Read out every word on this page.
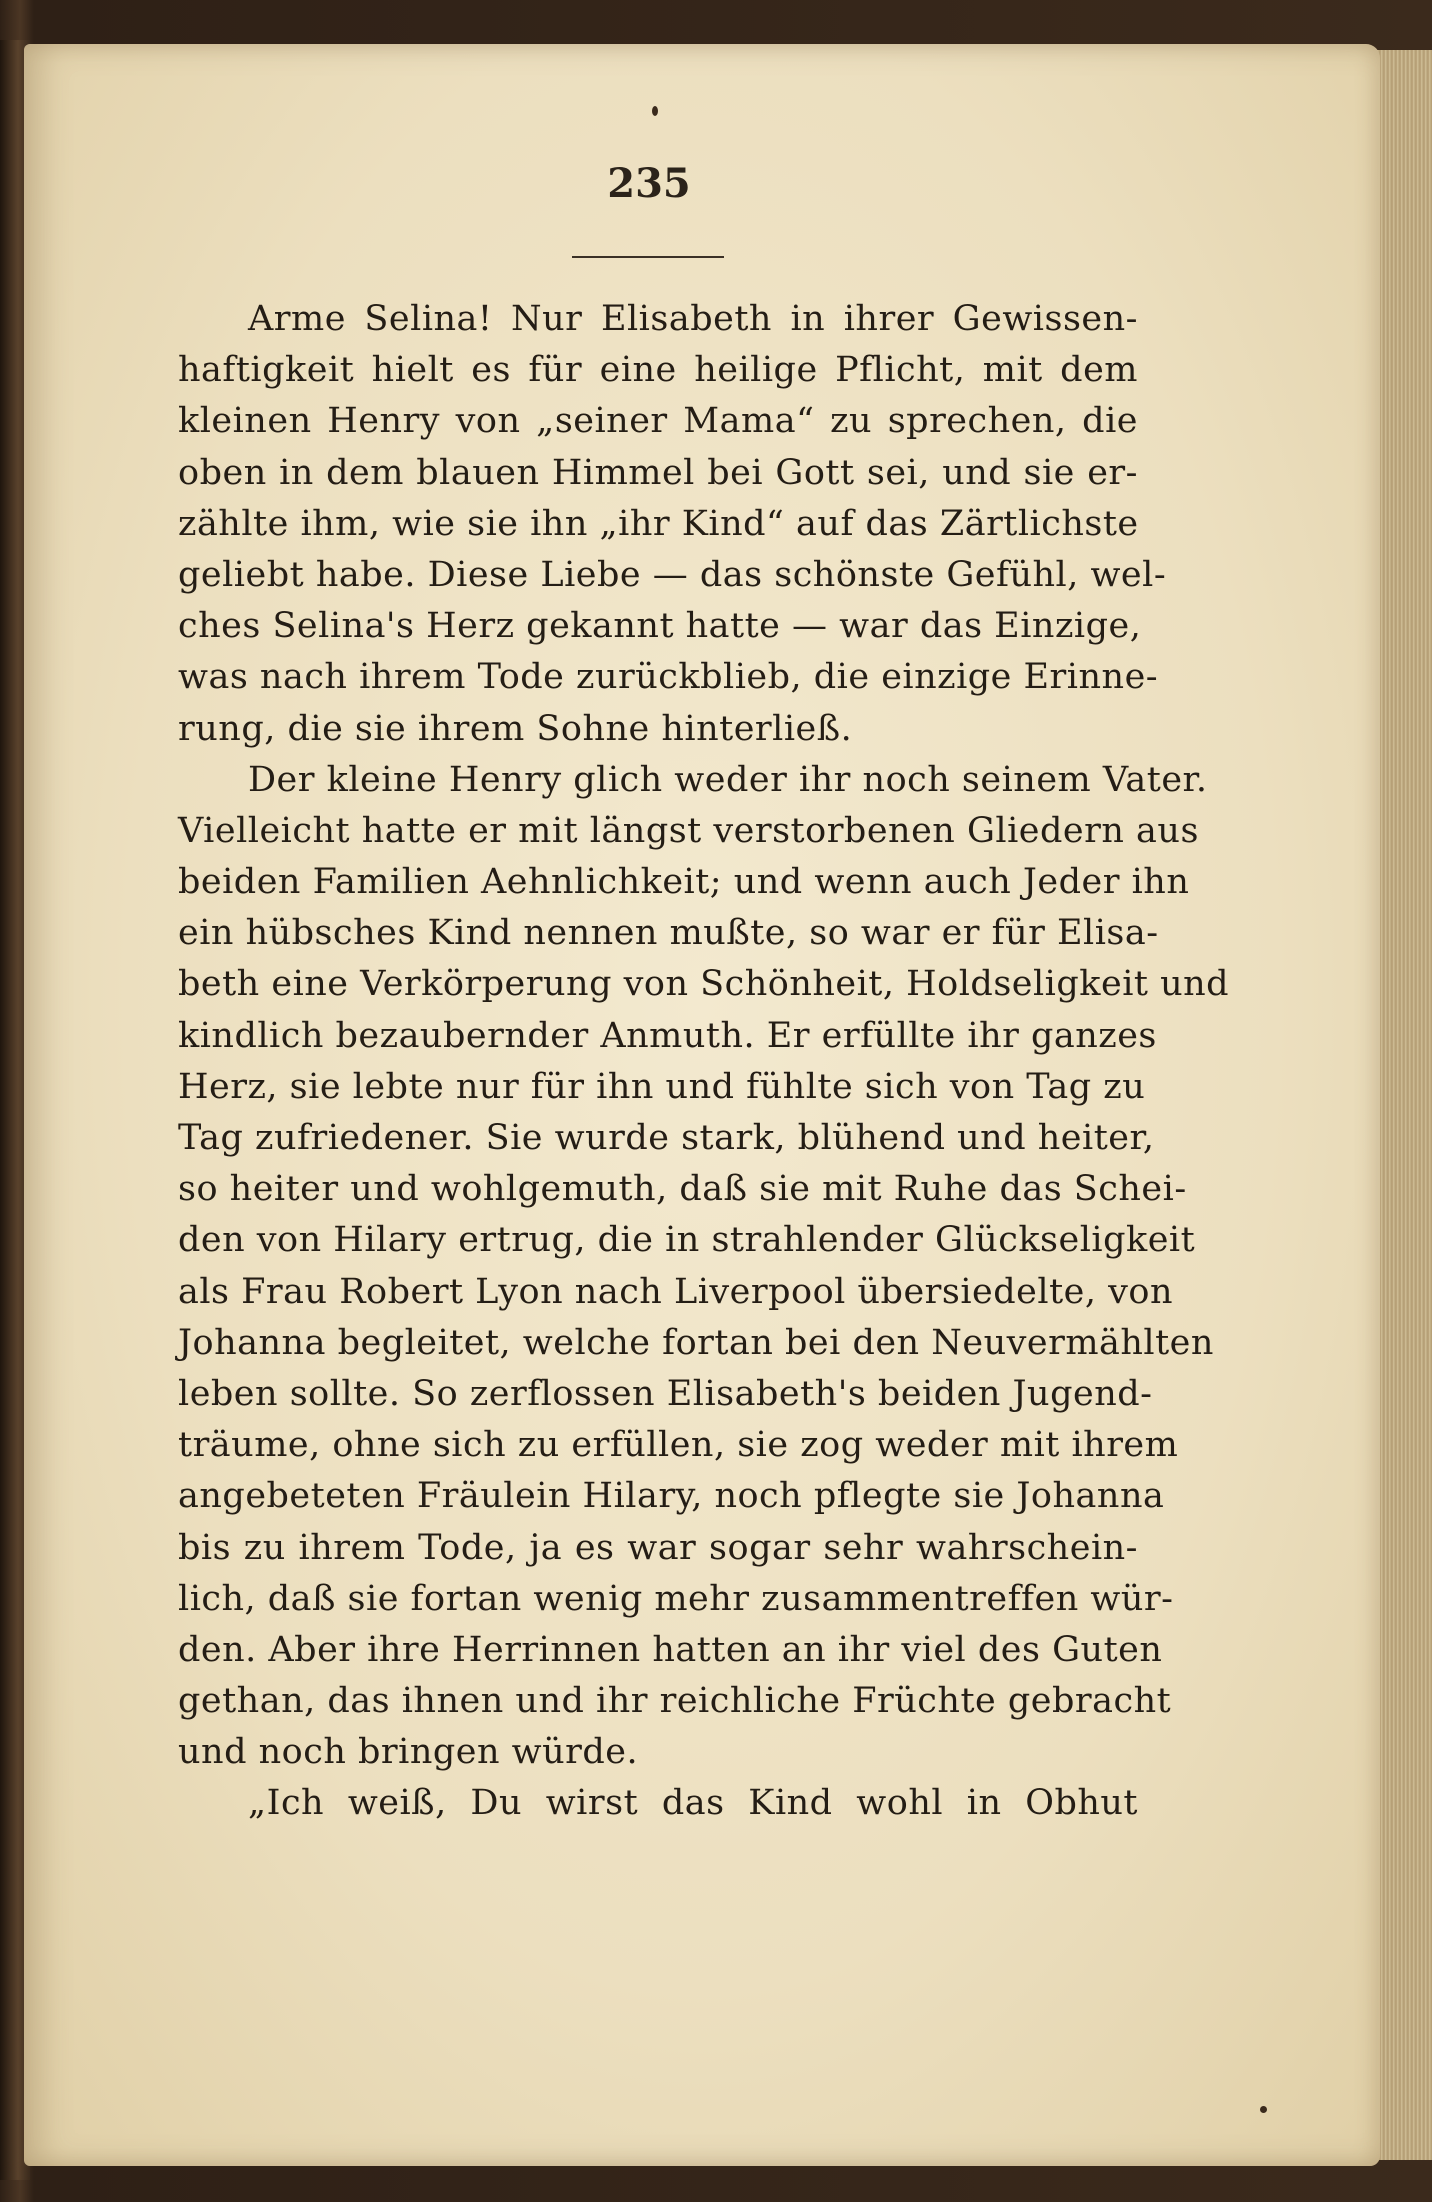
235
Arme Selina! Nur Elisabeth in ihrer Gewissen-
haftigkeit hielt es für eine heilige Pflicht, mit dem
kleinen Henry von „seiner Mama“ zu sprechen, die
oben in dem blauen Himmel bei Gott sei, und sie er-
zählte ihm, wie sie ihn „ihr Kind“ auf das Zärtlichste
geliebt habe. Diese Liebe — das schönste Gefühl, wel-
ches Selina's Herz gekannt hatte — war das Einzige,
was nach ihrem Tode zurückblieb, die einzige Erinne-
rung, die sie ihrem Sohne hinterließ.
Der kleine Henry glich weder ihr noch seinem Vater.
Vielleicht hatte er mit längst verstorbenen Gliedern aus
beiden Familien Aehnlichkeit; und wenn auch Jeder ihn
ein hübsches Kind nennen mußte, so war er für Elisa-
beth eine Verkörperung von Schönheit, Holdseligkeit und
kindlich bezaubernder Anmuth. Er erfüllte ihr ganzes
Herz, sie lebte nur für ihn und fühlte sich von Tag zu
Tag zufriedener. Sie wurde stark, blühend und heiter,
so heiter und wohlgemuth, daß sie mit Ruhe das Schei-
den von Hilary ertrug, die in strahlender Glückseligkeit
als Frau Robert Lyon nach Liverpool übersiedelte, von
Johanna begleitet, welche fortan bei den Neuvermählten
leben sollte. So zerflossen Elisabeth's beiden Jugend-
träume, ohne sich zu erfüllen, sie zog weder mit ihrem
angebeteten Fräulein Hilary, noch pflegte sie Johanna
bis zu ihrem Tode, ja es war sogar sehr wahrschein-
lich, daß sie fortan wenig mehr zusammentreffen wür-
den. Aber ihre Herrinnen hatten an ihr viel des Guten
gethan, das ihnen und ihr reichliche Früchte gebracht
und noch bringen würde.
„Ich weiß, Du wirst das Kind wohl in Obhut
